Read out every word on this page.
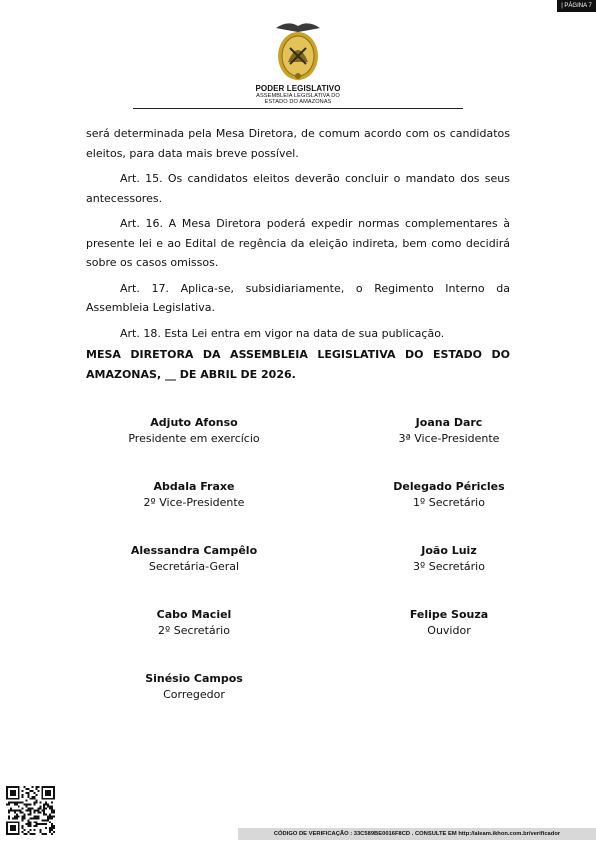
| PÁGINA 7
PODER LEGISLATIVO
ASSEMBLEIA LEGISLATIVA DO
ESTADO DO AMAZONAS

será determinada pela Mesa Diretora, de comum acordo com os candidatos eleitos, para data mais breve possível.

Art. 15. Os candidatos eleitos deverão concluir o mandato dos seus antecessores.

Art. 16. A Mesa Diretora poderá expedir normas complementares à presente lei e ao Edital de regência da eleição indireta, bem como decidirá sobre os casos omissos.

Art. 17. Aplica-se, subsidiariamente, o Regimento Interno da Assembleia Legislativa.

Art. 18. Esta Lei entra em vigor na data de sua publicação.

MESA DIRETORA DA ASSEMBLEIA LEGISLATIVA DO ESTADO DO AMAZONAS, __ DE ABRIL DE 2026.
Adjuto Afonso
Presidente em exercício
Joana Darc
3ª Vice-Presidente
Abdala Fraxe
2º Vice-Presidente
Delegado Péricles
1º Secretário
Alessandra Campêlo
Secretária-Geral
João Luiz
3º Secretário
Cabo Maciel
2º Secretário
Felipe Souza
Ouvidor
Sinésio Campos
Corregedor
CÓDIGO DE VERIFICAÇÃO : 33C589BE0016F8CD . CONSULTE EM http://aleam.ikhon.com.br/verificador
